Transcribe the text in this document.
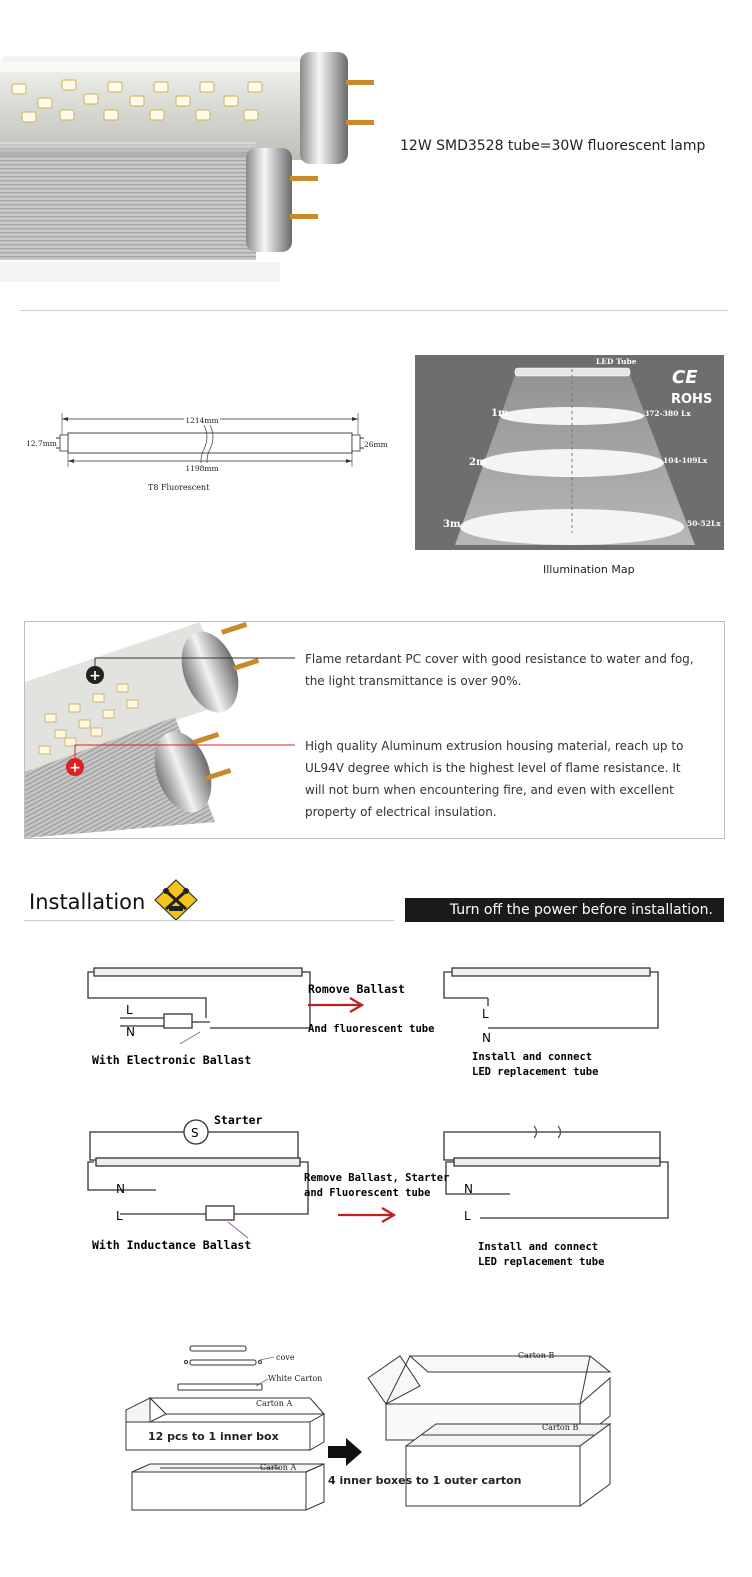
12W SMD3528 tube=30W fluorescent lamp
1214mm
1198mm
12.7mm	26mm
T8 Fluorescent
LED Tube
CE
ROHS
1m	372-380 Lx
2m	104-109Lx
3m	50-52Lx
Illumination Map
+
+
Flame retardant PC cover with good resistance to water and fog, the light transmittance is over 90%.
High quality Aluminum extrusion housing material, reach up to UL94V degree which is the highest level of flame resistance. It will not burn when encountering fire, and even with excellent property of electrical insulation.
Installation	Turn off the power before installation.
L
N
L
N
N
L
N
L
S
Romove Ballast
And fluorescent tube
With Electronic Ballast	Install and connect
LED replacement tube
Starter
Remove Ballast, Starter
and Fluorescent tube
With Inductance Ballast	Install and connect
LED replacement tube
cove
White Carton
Carton A
Carton A
Carton B
Carton B
12 pcs to 1 inner box
4 inner boxes to 1 outer carton
